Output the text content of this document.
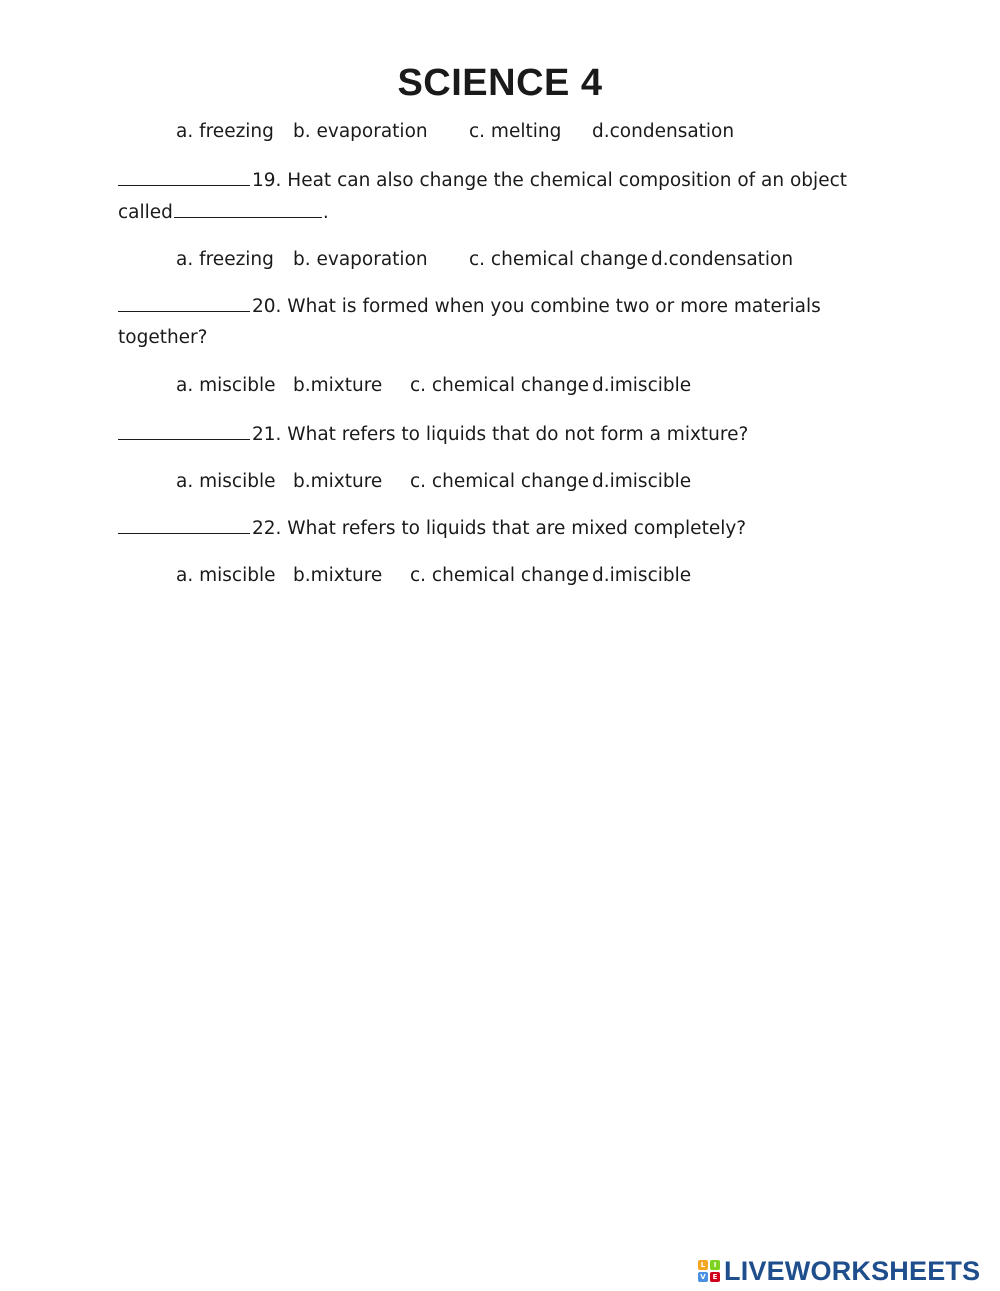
SCIENCE 4
a. freezing b. evaporation c. melting d.condensation
19. Heat can also change the chemical composition of an object
called	.
a. freezing b. evaporation c. chemical change d.condensation
20. What is formed when you combine two or more materials
together?
a. miscible b.mixture c. chemical change d.imiscible
21. What refers to liquids that do not form a mixture?
a. miscible b.mixture c. chemical change d.imiscible
22. What refers to liquids that are mixed completely?
a. miscible b.mixture c. chemical change d.imiscible
L	I
V E LIVEWORKSHEETS
